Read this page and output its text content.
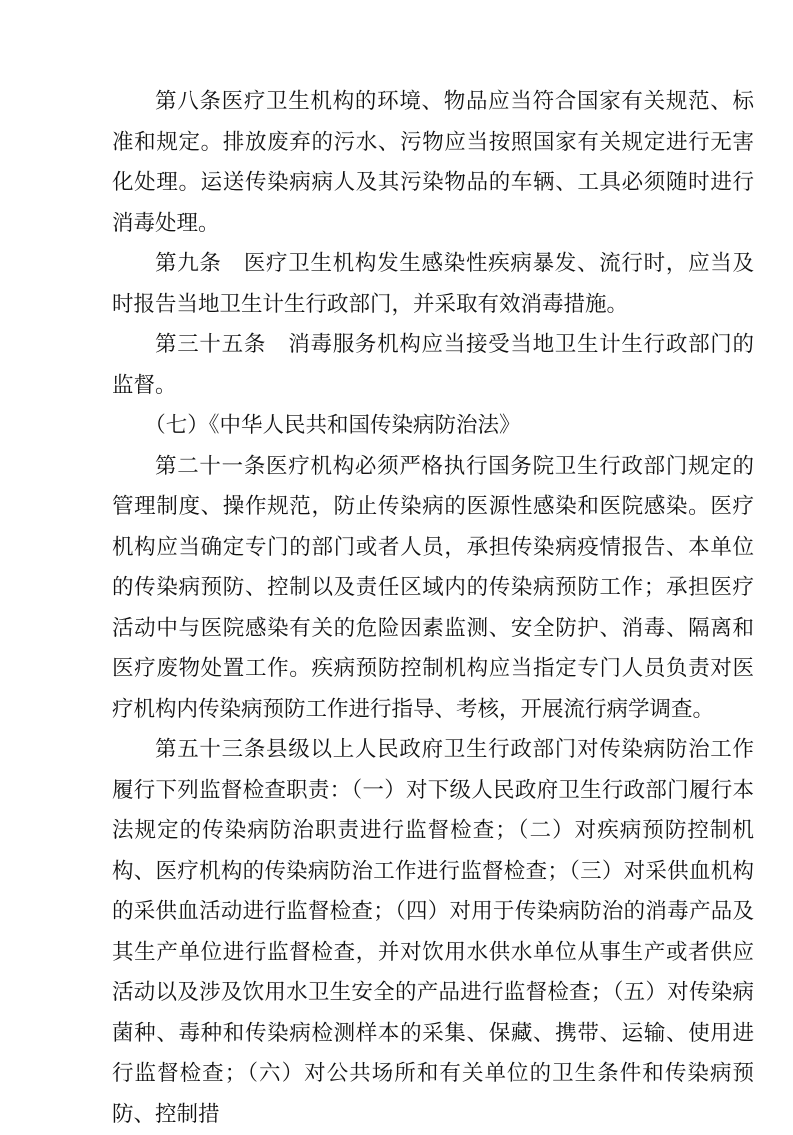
第八条医疗卫生机构的环境、物品应当符合国家有关规范、标准和规定。排放废弃的污水、污物应当按照国家有关规定进行无害化处理。运送传染病病人及其污染物品的车辆、工具必须随时进行消毒处理。

第九条　医疗卫生机构发生感染性疾病暴发、流行时，应当及时报告当地卫生计生行政部门，并采取有效消毒措施。

第三十五条　消毒服务机构应当接受当地卫生计生行政部门的监督。

（七）《中华人民共和国传染病防治法》

第二十一条医疗机构必须严格执行国务院卫生行政部门规定的管理制度、操作规范，防止传染病的医源性感染和医院感染。医疗机构应当确定专门的部门或者人员，承担传染病疫情报告、本单位的传染病预防、控制以及责任区域内的传染病预防工作；承担医疗活动中与医院感染有关的危险因素监测、安全防护、消毒、隔离和医疗废物处置工作。疾病预防控制机构应当指定专门人员负责对医疗机构内传染病预防工作进行指导、考核，开展流行病学调查。

第五十三条县级以上人民政府卫生行政部门对传染病防治工作履行下列监督检查职责：（一）对下级人民政府卫生行政部门履行本法规定的传染病防治职责进行监督检查；（二）对疾病预防控制机构、医疗机构的传染病防治工作进行监督检查；（三）对采供血机构的采供血活动进行监督检查；（四）对用于传染病防治的消毒产品及其生产单位进行监督检查，并对饮用水供水单位从事生产或者供应活动以及涉及饮用水卫生安全的产品进行监督检查；（五）对传染病菌种、毒种和传染病检测样本的采集、保藏、携带、运输、使用进行监督检查；（六）对公共场所和有关单位的卫生条件和传染病预防、控制措
